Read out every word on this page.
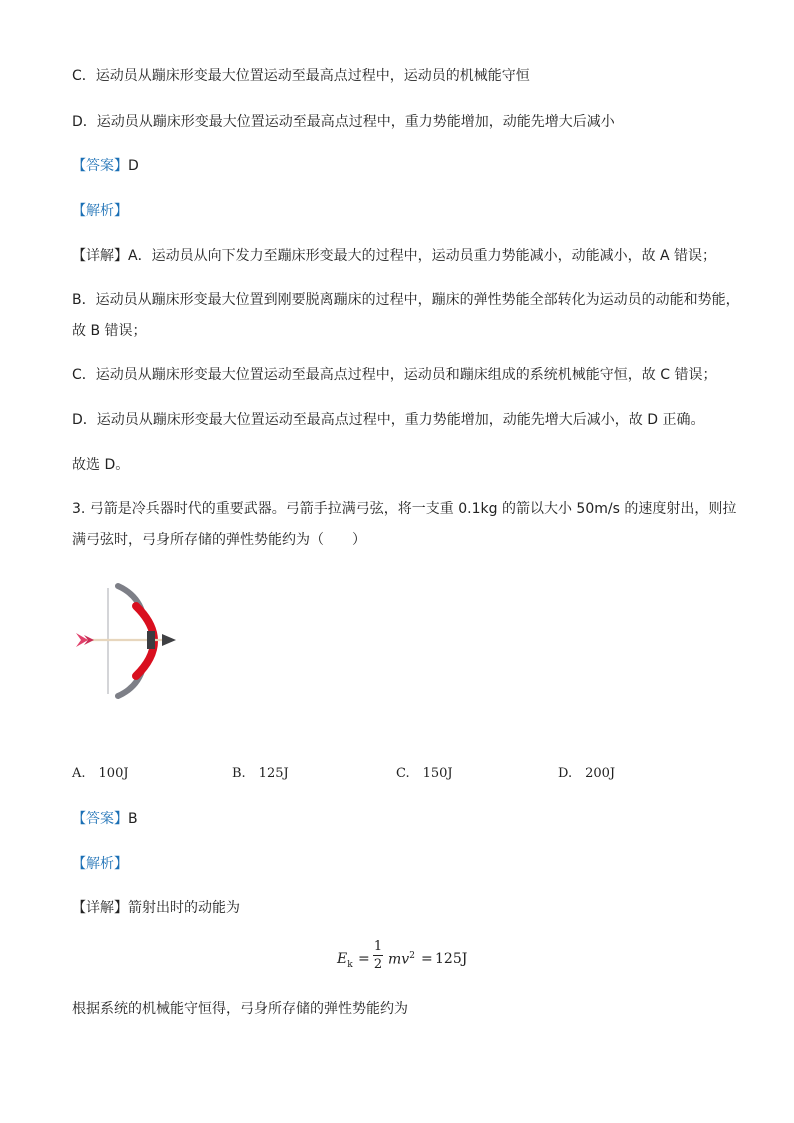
C．运动员从蹦床形变最大位置运动至最高点过程中，运动员的机械能守恒
D．运动员从蹦床形变最大位置运动至最高点过程中，重力势能增加，动能先增大后减小
【答案】D
【解析】
【详解】A．运动员从向下发力至蹦床形变最大的过程中，运动员重力势能减小，动能减小，故 A 错误；
B．运动员从蹦床形变最大位置到刚要脱离蹦床的过程中，蹦床的弹性势能全部转化为运动员的动能和势能，
故 B 错误；
C．运动员从蹦床形变最大位置运动至最高点过程中，运动员和蹦床组成的系统机械能守恒，故 C 错误；
D．运动员从蹦床形变最大位置运动至最高点过程中，重力势能增加，动能先增大后减小，故 D 正确。
故选 D。
3. 弓箭是冷兵器时代的重要武器。弓箭手拉满弓弦，将一支重 0.1kg 的箭以大小 50m/s 的速度射出，则拉
满弓弦时，弓身所存储的弹性势能约为（　　）
A.　100J	B.　125J	C.　150J	D.　200J
【答案】B
【解析】
【详解】箭射出时的动能为
$E_k$ =
1
2 $mv^2 = 125J$
根据系统的机械能守恒得，弓身所存储的弹性势能约为
